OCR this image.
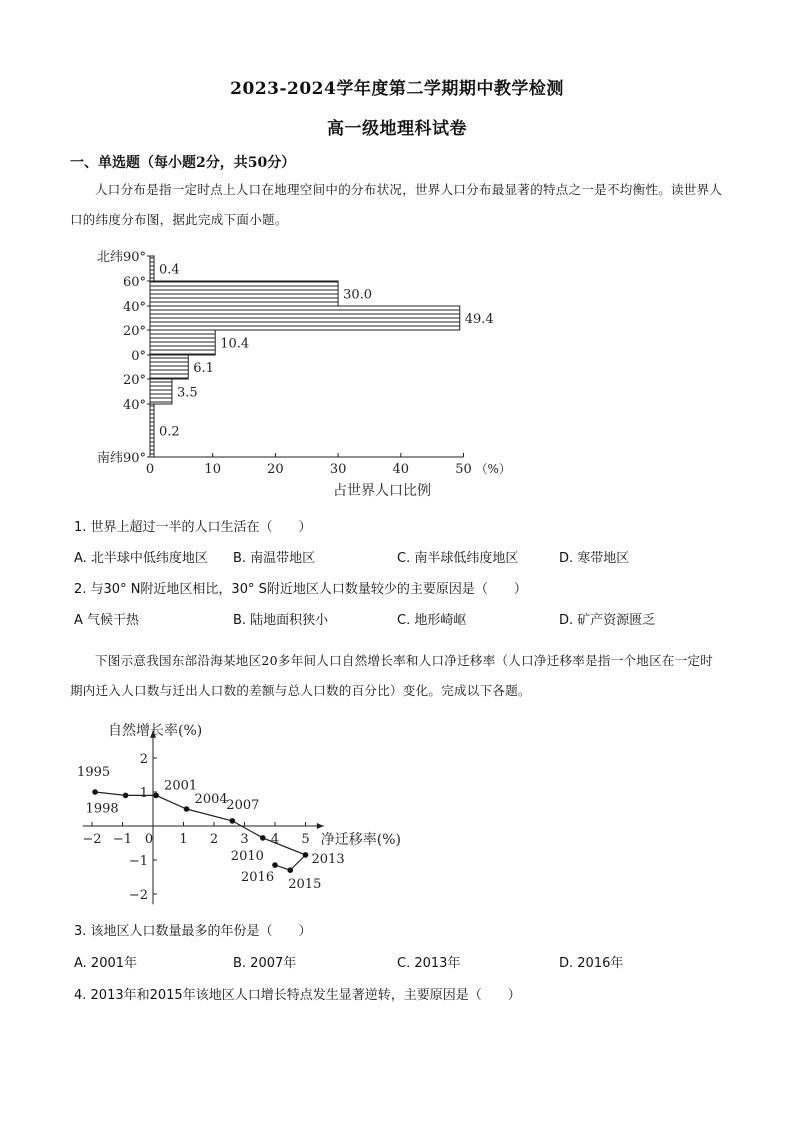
2023-2024学年度第二学期期中教学检测
高一级地理科试卷
一、单选题（每小题2分，共50分）
人口分布是指一定时点上人口在地理空间中的分布状况，世界人口分布最显著的特点之一是不均衡性。读世界人口的纬度分布图，据此完成下面小题。
0.4
30.0
49.4
10.4
6.1
3.5
0.2
北纬90°
60°
40°
20°
0°
20°
40°
南纬90°
0	10	20	30	40	50 （%）
占世界人口比例
1. 世界上超过一半的人口生活在（　　）
A. 北半球中低纬度地区 B. 南温带地区	C. 南半球低纬度地区	D. 寒带地区
2. 与30° N附近地区相比，30° S附近地区人口数量较少的主要原因是（　　）
A 气候干热	B. 陆地面积狭小	C. 地形崎岖	D. 矿产资源匮乏
下图示意我国东部沿海某地区20多年间人口自然增长率和人口净迁移率（人口净迁移率是指一个地区在一定时期内迁入人口数与迁出人口数的差额与总人口数的百分比）变化。完成以下各题。
−2 −1 0 1 2 3 4 5
2
1
−1
−2
自然增长率(%)
净迁移率(%)
1995
1998
2001
2004
2007
2010	2013
2015
2016
3. 该地区人口数量最多的年份是（　　）
A. 2001年	B. 2007年	C. 2013年	D. 2016年
4. 2013年和2015年该地区人口增长特点发生显著逆转，主要原因是（　　）
